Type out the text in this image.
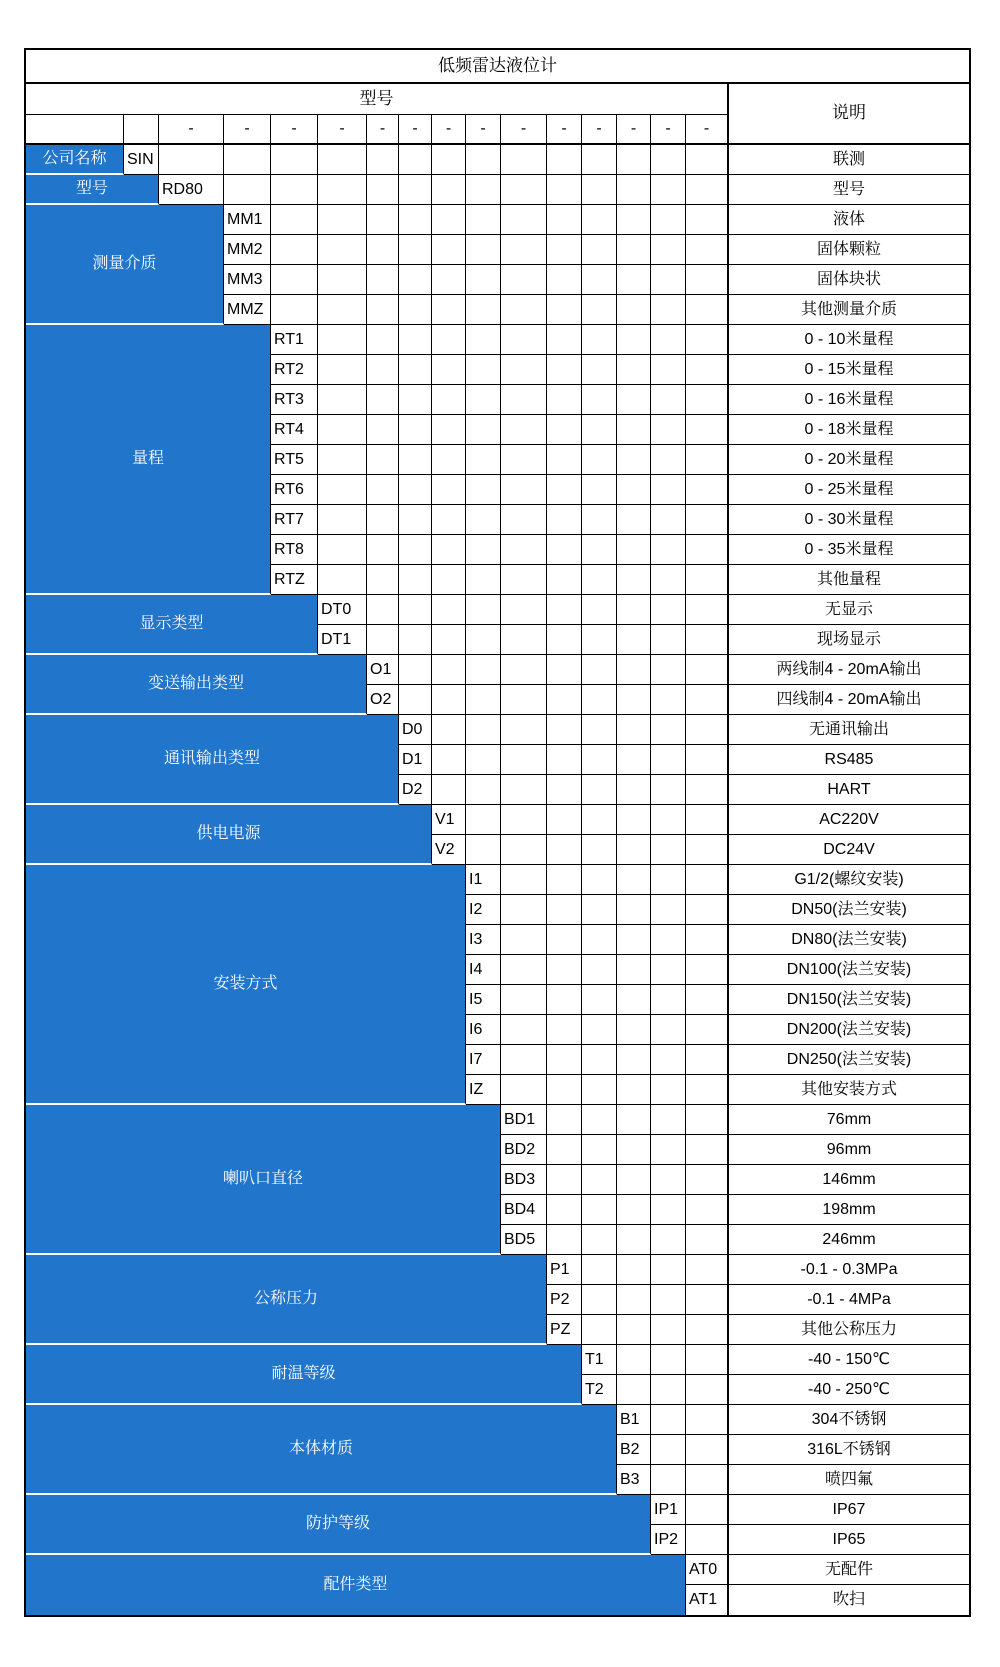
低频雷达液位计
型号
说明
-	-	-	-	-	-	-	-	-	-	-	-	-	-
公司名称	SIN	联测
型号	RD80	型号
测量介质
MM1	液体
MM2	固体颗粒
MM3	固体块状
MMZ	其他测量介质
量程
RT1	0 - 10米量程
RT2	0 - 15米量程
RT3	0 - 16米量程
RT4	0 - 18米量程
RT5	0 - 20米量程
RT6	0 - 25米量程
RT7	0 - 30米量程
RT8	0 - 35米量程
RTZ	其他量程
显示类型
DT0	无显示
DT1	现场显示
变送输出类型
O1	两线制4 - 20mA输出
O2	四线制4 - 20mA输出
通讯输出类型
D0	无通讯输出
D1	RS485
D2	HART
供电电源
V1	AC220V
V2	DC24V
安装方式
I1	G1/2(螺纹安装)
I2	DN50(法兰安装)
I3	DN80(法兰安装)
I4	DN100(法兰安装)
I5	DN150(法兰安装)
I6	DN200(法兰安装)
I7	DN250(法兰安装)
IZ	其他安装方式
喇叭口直径
BD1	76mm
BD2	96mm
BD3	146mm
BD4	198mm
BD5	246mm
公称压力
P1	-0.1 - 0.3MPa
P2	-0.1 - 4MPa
PZ	其他公称压力
耐温等级
T1	-40 - 150℃
T2	-40 - 250℃
本体材质
B1	304不锈钢
B2	316L不锈钢
B3	喷四氟
防护等级
IP1	IP67
IP2	IP65
配件类型
AT0	无配件
AT1	吹扫
